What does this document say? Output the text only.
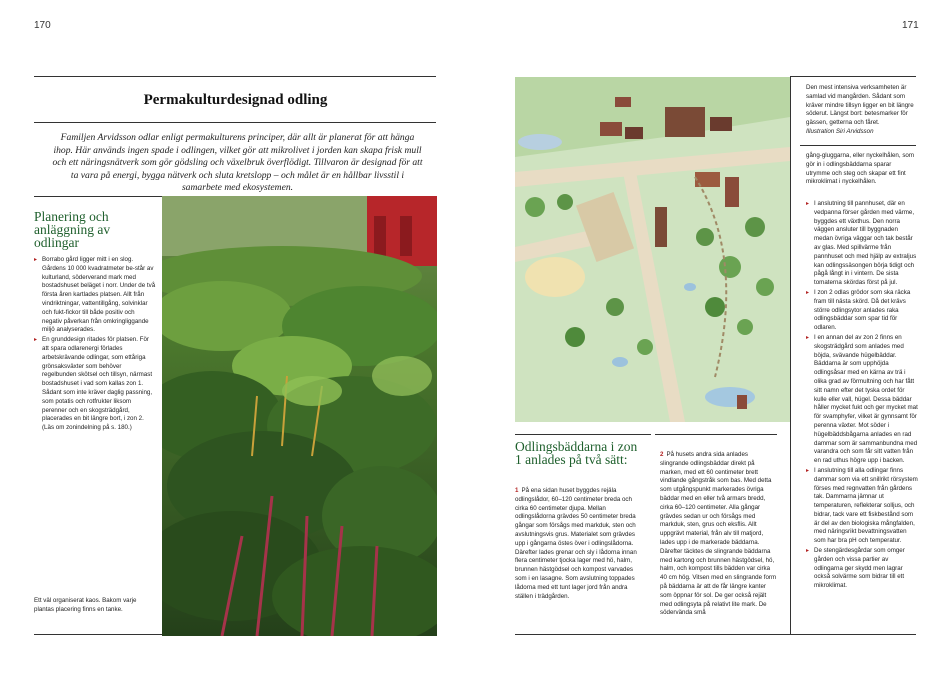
170
Permakulturdesignad odling
Familjen Arvidsson odlar enligt permakulturens principer, där allt är planerat för att hänga ihop. Här används ingen spade i odlingen, vilket gör att mikrolivet i jorden kan skapa frisk mull och ett näringsnätverk som gör gödsling och växelbruk överflödigt. Tillvaron är designad för att ta vara på energi, bygga nätverk och sluta kretslopp – och målet är en hållbar livsstil i samarbete med ekosystemen.
Planering och anläggning av odlingar
▸ Borrabo gård ligger mitt i en slog. Gårdens 10 000 kvadratmeter be-står av kulturland, söderverand mark med bostadshuset beläget i norr. Under de två första åren kartlades platsen. Allt från vindriktningar, vattentillgång, solvinklar och fukt-fickor till både positiv och negativ påverkan från omkringliggande miljö analyserades.
▸ En grunddesign ritades för platsen. För att spara odlarenergi förlades arbetskrävande odlingar, som ettåriga grönsaksväxter som behöver regelbunden skötsel och tillsyn, närmast bostadshuset i vad som kallas zon 1. Sådant som inte kräver daglig passning, som potatis och rotfrukter liksom perenner och en skogsträdgård, placerades en bit längre bort, i zon 2. (Läs om zonindelning på s. 180.)
Ett väl organiserat kaos. Bakom varje plantas placering finns en tanke.
171
Den mest intensiva verksamheten är samlad vid mangården. Sådant som kräver mindre tillsyn ligger en bit längre söderut. Längst bort: betesmarker för gässen, getterna och fåret.
Illustration Siri Arvidsson
gång-gluggarna, eller nyckelhålen, som gör in i odlingsbäddarna sparar utrymme och steg och skapar ett fint mikroklimat i nyckelhålen.
▸ I anslutning till pannhuset, där en vedpanna förser gården med värme, byggdes ett växthus. Den norra väggen ansluter till byggnaden medan övriga väggar och tak består av glas. Med spillvärme från pannhuset och med hjälp av extraljus kan odlingssäsongen börja tidigt och pågå långt in i vintern. De sista tomaterna skördas först på jul.
▸ I zon 2 odlas grödor som ska räcka fram till nästa skörd. Då det krävs större odlingsytor anlades raka odlingsbäddar som spar tid för odlaren.
▸ I en annan del av zon 2 finns en skogsträdgård som anlades med böjda, svävande hügelbäddar. Bäddarna är som upphöjda odlingsåsar med en kärna av trä i olika grad av förmultning och har fått sitt namn efter det tyska ordet för kulle eller vall, hügel. Dessa bäddar håller mycket fukt och ger mycket mat för svamphyfer, vilket är gynnsamt för perenna växter. Mot söder i hügelbäddsbågarna anlades en rad dammar som är sammanbundna med varandra och som får sitt vatten från en rad uthus högre upp i backen.
▸ I anslutning till alla odlingar finns dammar som via ett snillrikt rörsystem förses med regnvatten från gårdens tak. Dammarna jämnar ut temperaturen, reflekterar solljus, och bidrar, tack vare ett fiskbestånd som är del av den biologiska mångfalden, med näringsrikt bevattningsvatten som har bra pH och temperatur.
▸ De stengärdesgårdar som omger gården och vissa partier av odlingarna ger skydd men lagrar också solvärme som bidrar till ett mikroklimat.
Odlingsbäddarna i zon 1 anlades på två sätt:
1 På ena sidan huset byggdes rejäla odlingslådor, 60–120 centimeter breda och cirka 60 centimeter djupa. Mellan odlingslådorna grävdes 50 centimeter breda gångar som försågs med markduk, sten och avslutningsvis grus. Materialet som grävdes upp i gångarna östes över i odlingslådorna. Därefter lades grenar och sly i lådorna innan flera centimeter tjocka lager med hö, halm, brunnen hästgödsel och kompost varvades som i en lasagne. Som avslutning toppades lådorna med ett tunt lager jord från andra ställen i trädgården.
2 På husets andra sida anlades slingrande odlingsbäddar direkt på marken, med ett 60 centimeter brett vindlande gångstråk som bas. Med detta som utgångspunkt markerades övriga bäddar med en eller två armars bredd, cirka 60–120 centimeter. Alla gångar grävdes sedan ur och försågs med markduk, sten, grus och eksflis. Allt uppgrävt material, från alv till matjord, lades upp i de markerade bäddarna. Därefter täcktes de slingrande bäddarna med kartong och brunnen hästgödsel, hö, halm, och kompost tills bädden var cirka 40 cm hög. Vitsen med en slingrande form på bäddarna är att de får längre kanter som öppnar för sol. De ger också rejält med odlingsyta på relativt lite mark. De södervända små
